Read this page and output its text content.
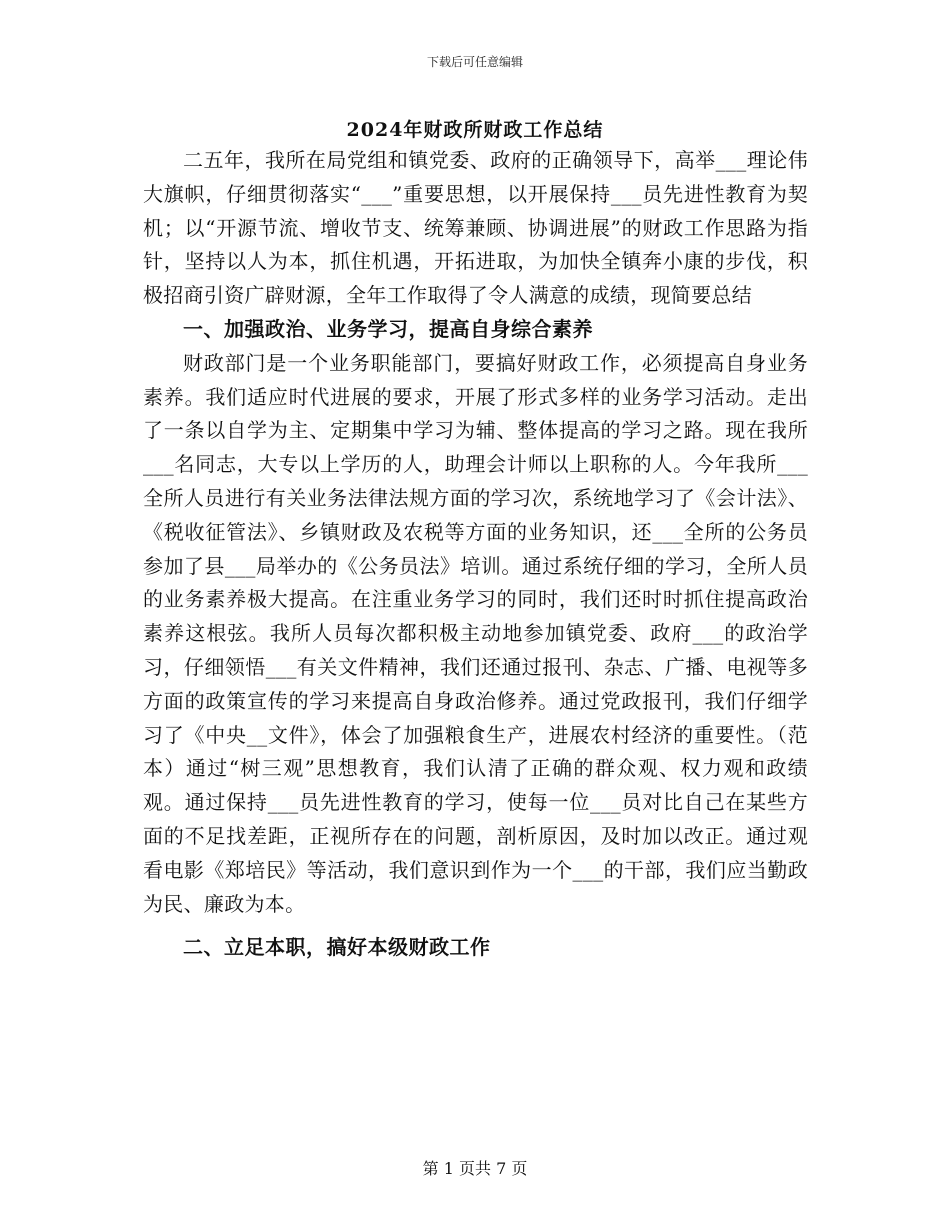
下载后可任意编辑
2024年财政所财政工作总结

二五年，我所在局党组和镇党委、政府的正确领导下，高举___理论伟大旗帜，仔细贯彻落实“___”重要思想，以开展保持___员先进性教育为契机；以“开源节流、增收节支、统筹兼顾、协调进展”的财政工作思路为指针，坚持以人为本，抓住机遇，开拓进取，为加快全镇奔小康的步伐，积极招商引资广辟财源，全年工作取得了令人满意的成绩，现简要总结

一、加强政治、业务学习，提高自身综合素养

财政部门是一个业务职能部门，要搞好财政工作，必须提高自身业务素养。我们适应时代进展的要求，开展了形式多样的业务学习活动。走出了一条以自学为主、定期集中学习为辅、整体提高的学习之路。现在我所___名同志，大专以上学历的人，助理会计师以上职称的人。今年我所___全所人员进行有关业务法律法规方面的学习次，系统地学习了《会计法》、《税收征管法》、乡镇财政及农税等方面的业务知识，还___全所的公务员参加了县___局举办的《公务员法》培训。通过系统仔细的学习，全所人员的业务素养极大提高。在注重业务学习的同时，我们还时时抓住提高政治素养这根弦。我所人员每次都积极主动地参加镇党委、政府___的政治学习，仔细领悟___有关文件精神，我们还通过报刊、杂志、广播、电视等多方面的政策宣传的学习来提高自身政治修养。通过党政报刊，我们仔细学习了《中央__文件》，体会了加强粮食生产，进展农村经济的重要性。（范本）通过“树三观”思想教育，我们认清了正确的群众观、权力观和政绩观。通过保持___员先进性教育的学习，使每一位___员对比自己在某些方面的不足找差距，正视所存在的问题，剖析原因，及时加以改正。通过观看电影《郑培民》等活动，我们意识到作为一个___的干部，我们应当勤政为民、廉政为本。

二、立足本职，搞好本级财政工作

第 1 页共 7 页
